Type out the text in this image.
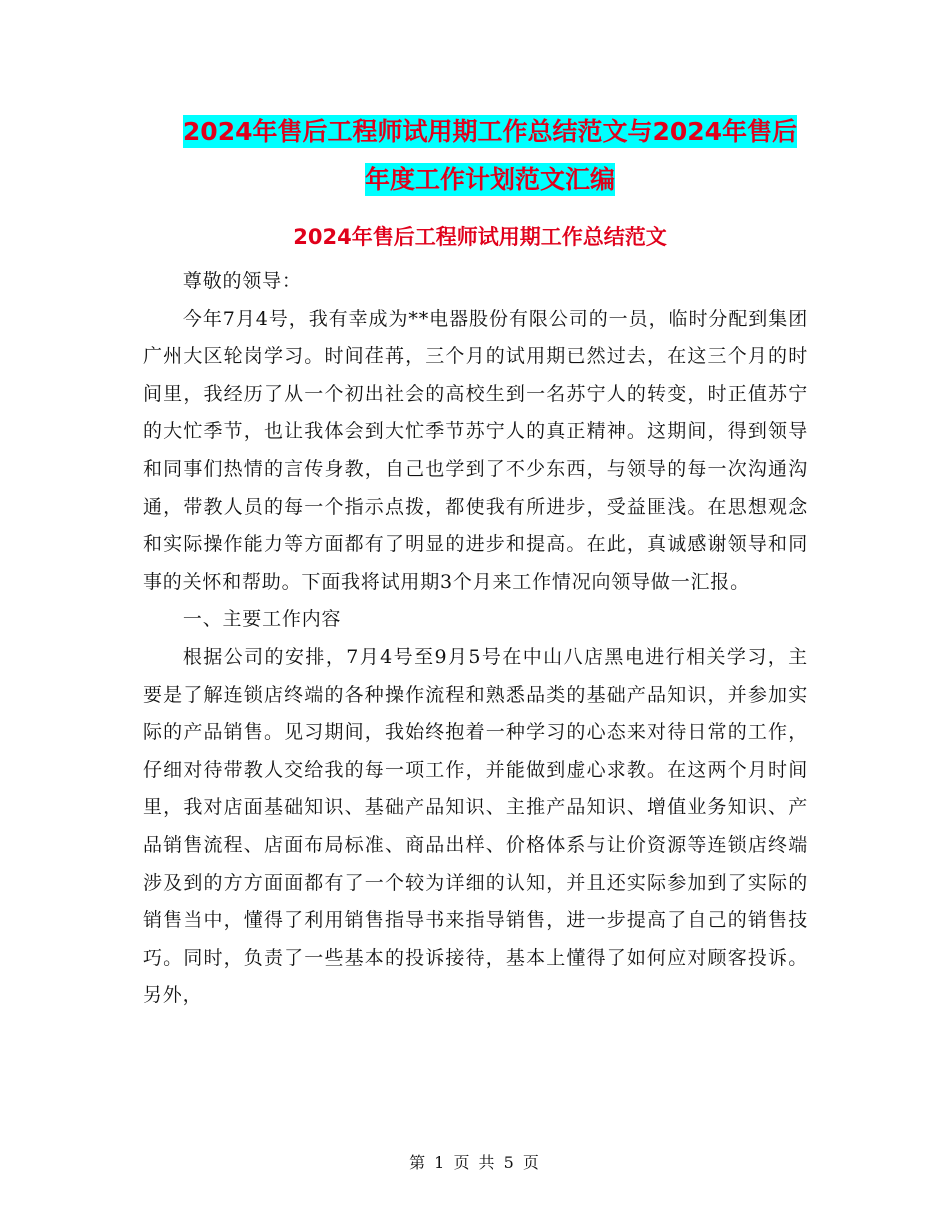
2024年售后工程师试用期工作总结范文与2024年售后
年度工作计划范文汇编
2024年售后工程师试用期工作总结范文

尊敬的领导：

今年7月4号，我有幸成为**电器股份有限公司的一员，临时分配到集团广州大区轮岗学习。时间荏苒，三个月的试用期已然过去，在这三个月的时间里，我经历了从一个初出社会的高校生到一名苏宁人的转变，时正值苏宁的大忙季节，也让我体会到大忙季节苏宁人的真正精神。这期间，得到领导和同事们热情的言传身教，自己也学到了不少东西，与领导的每一次沟通沟通，带教人员的每一个指示点拨，都使我有所进步，受益匪浅。在思想观念和实际操作能力等方面都有了明显的进步和提高。在此，真诚感谢领导和同事的关怀和帮助。下面我将试用期3个月来工作情况向领导做一汇报。

一、主要工作内容

根据公司的安排，7月4号至9月5号在中山八店黑电进行相关学习，主要是了解连锁店终端的各种操作流程和熟悉品类的基础产品知识，并参加实际的产品销售。见习期间，我始终抱着一种学习的心态来对待日常的工作，仔细对待带教人交给我的每一项工作，并能做到虚心求教。在这两个月时间里，我对店面基础知识、基础产品知识、主推产品知识、增值业务知识、产品销售流程、店面布局标准、商品出样、价格体系与让价资源等连锁店终端涉及到的方方面面都有了一个较为详细的认知，并且还实际参加到了实际的销售当中，懂得了利用销售指导书来指导销售，进一步提高了自己的销售技巧。同时，负责了一些基本的投诉接待，基本上懂得了如何应对顾客投诉。另外，

第 1 页 共 5 页
